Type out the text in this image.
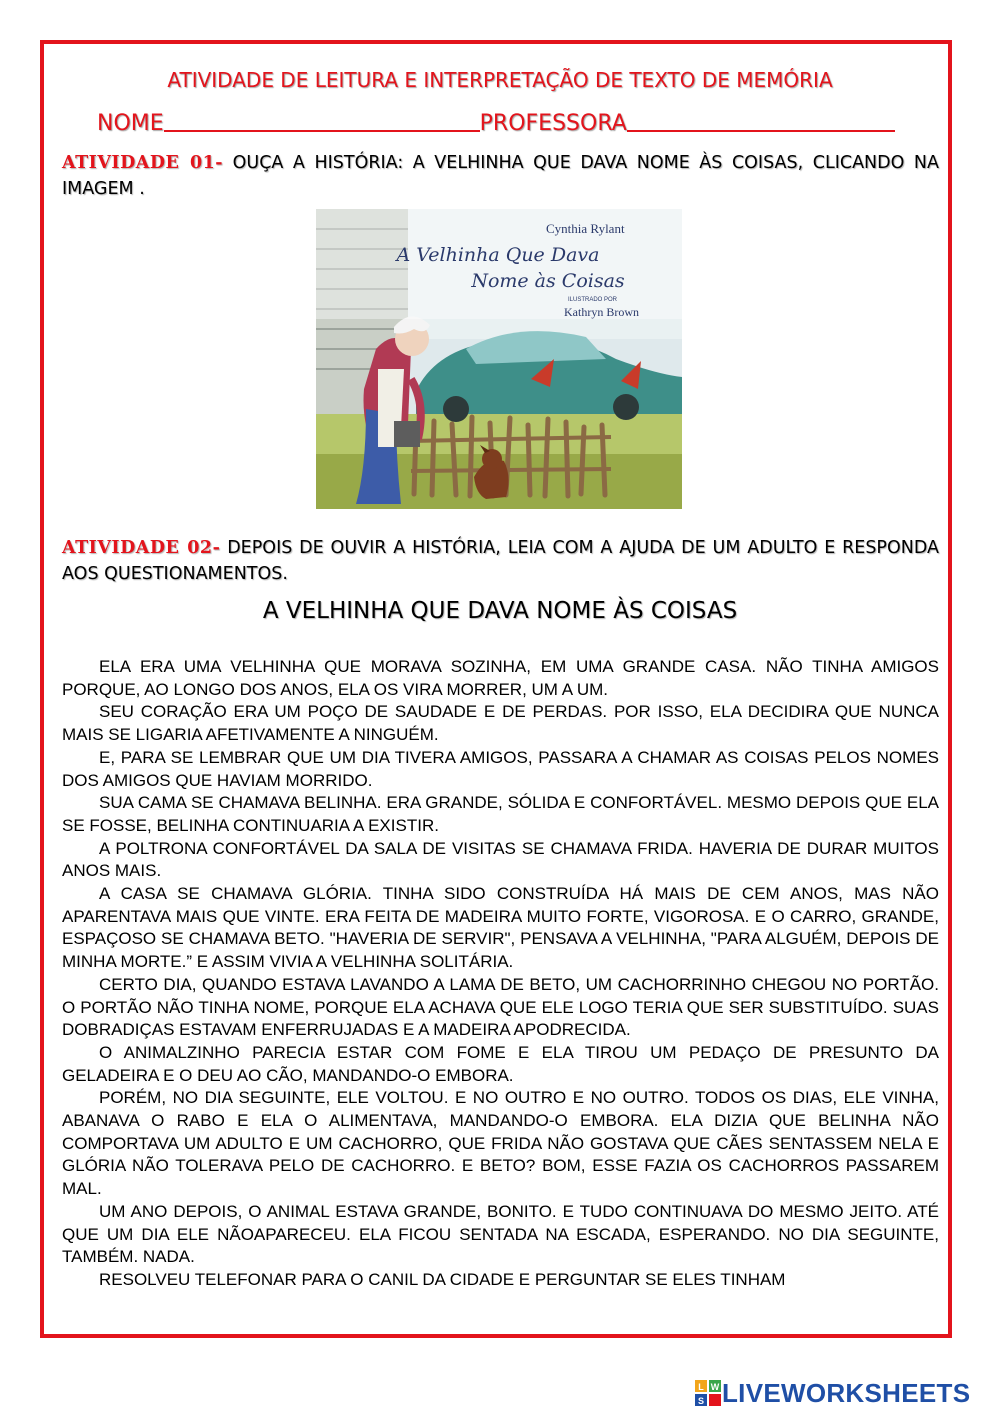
ATIVIDADE DE LEITURA E INTERPRETAÇÃO DE TEXTO DE MEMÓRIA
NOME	PROFESSORA
ATIVIDADE 01- OUÇA A HISTÓRIA: A VELHINHA QUE DAVA NOME ÀS COISAS, CLICANDO NA IMAGEM .
Cynthia Rylant
A Velhinha Que Dava
Nome às Coisas
ILUSTRADO POR
Kathryn Brown
ATIVIDADE 02- DEPOIS DE OUVIR A HISTÓRIA, LEIA COM A AJUDA DE UM ADULTO E RESPONDA AOS QUESTIONAMENTOS.
A VELHINHA QUE DAVA NOME ÀS COISAS

ELA ERA UMA VELHINHA QUE MORAVA SOZINHA, EM UMA GRANDE CASA. NÃO TINHA AMIGOS PORQUE, AO LONGO DOS ANOS, ELA OS VIRA MORRER, UM A UM.

SEU CORAÇÃO ERA UM POÇO DE SAUDADE E DE PERDAS. POR ISSO, ELA DECIDIRA QUE NUNCA MAIS SE LIGARIA AFETIVAMENTE A NINGUÉM.

E, PARA SE LEMBRAR QUE UM DIA TIVERA AMIGOS, PASSARA A CHAMAR AS COISAS PELOS NOMES DOS AMIGOS QUE HAVIAM MORRIDO.

SUA CAMA SE CHAMAVA BELINHA. ERA GRANDE, SÓLIDA E CONFORTÁVEL. MESMO DEPOIS QUE ELA SE FOSSE, BELINHA CONTINUARIA A EXISTIR.

A POLTRONA CONFORTÁVEL DA SALA DE VISITAS SE CHAMAVA FRIDA. HAVERIA DE DURAR MUITOS ANOS MAIS.

A CASA SE CHAMAVA GLÓRIA. TINHA SIDO CONSTRUÍDA HÁ MAIS DE CEM ANOS, MAS NÃO APARENTAVA MAIS QUE VINTE. ERA FEITA DE MADEIRA MUITO FORTE, VIGOROSA. E O CARRO, GRANDE, ESPAÇOSO SE CHAMAVA BETO. "HAVERIA DE SERVIR", PENSAVA A VELHINHA, "PARA ALGUÉM, DEPOIS DE MINHA MORTE.” E ASSIM VIVIA A VELHINHA SOLITÁRIA.

CERTO DIA, QUANDO ESTAVA LAVANDO A LAMA DE BETO, UM CACHORRINHO CHEGOU NO PORTÃO. O PORTÃO NÃO TINHA NOME, PORQUE ELA ACHAVA QUE ELE LOGO TERIA QUE SER SUBSTITUÍDO. SUAS DOBRADIÇAS ESTAVAM ENFERRUJADAS E A MADEIRA APODRECIDA.

O ANIMALZINHO PARECIA ESTAR COM FOME E ELA TIROU UM PEDAÇO DE PRESUNTO DA GELADEIRA E O DEU AO CÃO, MANDANDO-O EMBORA.

PORÉM, NO DIA SEGUINTE, ELE VOLTOU. E NO OUTRO E NO OUTRO. TODOS OS DIAS, ELE VINHA, ABANAVA O RABO E ELA O ALIMENTAVA, MANDANDO-O EMBORA. ELA DIZIA QUE BELINHA NÃO COMPORTAVA UM ADULTO E UM CACHORRO, QUE FRIDA NÃO GOSTAVA QUE CÃES SENTASSEM NELA E GLÓRIA NÃO TOLERAVA PELO DE CACHORRO. E BETO? BOM, ESSE FAZIA OS CACHORROS PASSAREM MAL.

UM ANO DEPOIS, O ANIMAL ESTAVA GRANDE, BONITO. E TUDO CONTINUAVA DO MESMO JEITO. ATÉ QUE UM DIA ELE NÃOAPARECEU. ELA FICOU SENTADA NA ESCADA, ESPERANDO. NO DIA SEGUINTE, TAMBÉM. NADA.

RESOLVEU TELEFONAR PARA O CANIL DA CIDADE E PERGUNTAR SE ELES TINHAM

L W
S LIVEWORKSHEETS
